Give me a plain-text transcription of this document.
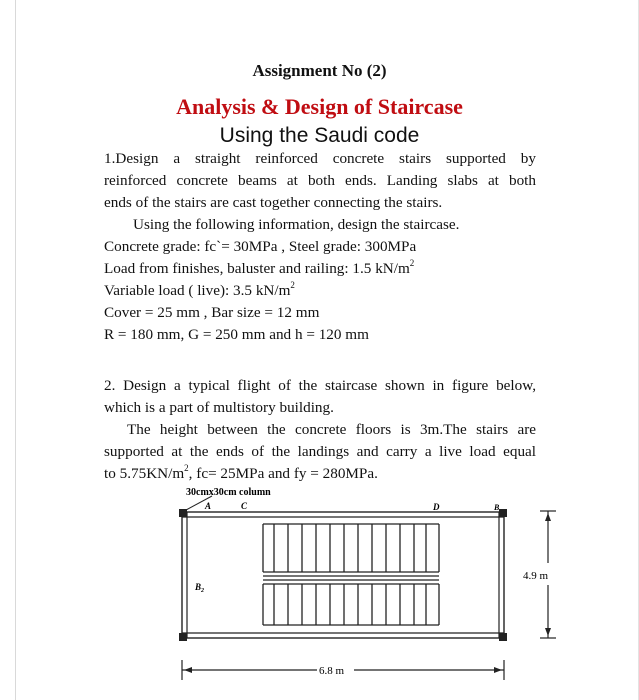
Assignment No (2)
Analysis & Design of Staircase
Using the Saudi code
1.Design a straight reinforced concrete stairs supported by
reinforced concrete beams at both ends. Landing slabs at both
ends of the stairs are cast together connecting the stairs.
Using the following information, design the staircase.
Concrete grade: fc`= 30MPa , Steel grade: 300MPa
Load from finishes, baluster and railing: 1.5 $kN/m^2$
Variable load ( live): 3.5 $kN/m^2$
Cover = 25 mm , Bar size = 12 mm
R = 180 mm, G = 250 mm and h = 120 mm
2. Design a typical flight of the staircase shown in figure below,
which is a part of multistory building.
The height between the concrete floors is 3m.The stairs are
supported at the ends of the landings and carry a live load equal
to $5.75KN/m^2$, fc= 25MPa and fy = 280MPa.
30cmx30cm column
A	C	D	B
$B_2$
4.9 m
6.8 m
